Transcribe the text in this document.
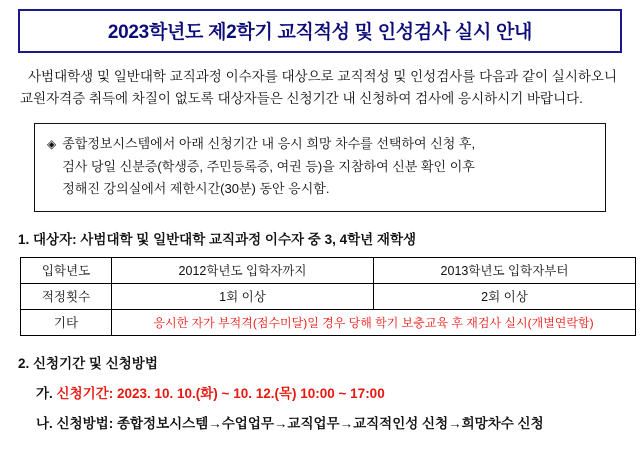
2023학년도 제2학기 교직적성 및 인성검사 실시 안내
사범대학생 및 일반대학 교직과정 이수자를 대상으로 교직적성 및 인성검사를 다음과 같이 실시하오니
교원자격증 취득에 차질이 없도록 대상자들은 신청기간 내 신청하여 검사에 응시하시기 바랍니다.
◈ 종합정보시스템에서 아래 신청기간 내 응시 희망 차수를 선택하여 신청 후,
검사 당일 신분증(학생증, 주민등록증, 여권 등)을 지참하여 신분 확인 이후
정해진 강의실에서 제한시간(30분) 동안 응시함.
1. 대상자: 사범대학 및 일반대학 교직과정 이수자 중 3, 4학년 재학생
입학년도	2012학년도 입학자까지	2013학년도 입학자부터
적정횟수	1회 이상	2회 이상
기타	응시한 자가 부적격(점수미달)일 경우 당해 학기 보충교육 후 재검사 실시(개별연락함)	
2. 신청기간 및 신청방법
가. 신청기간: 2023. 10. 10.(화) ~ 10. 12.(목) 10:00 ~ 17:00
나. 신청방법: 종합정보시스템→수업업무→교직업무→교직적인성 신청→희망차수 신청
